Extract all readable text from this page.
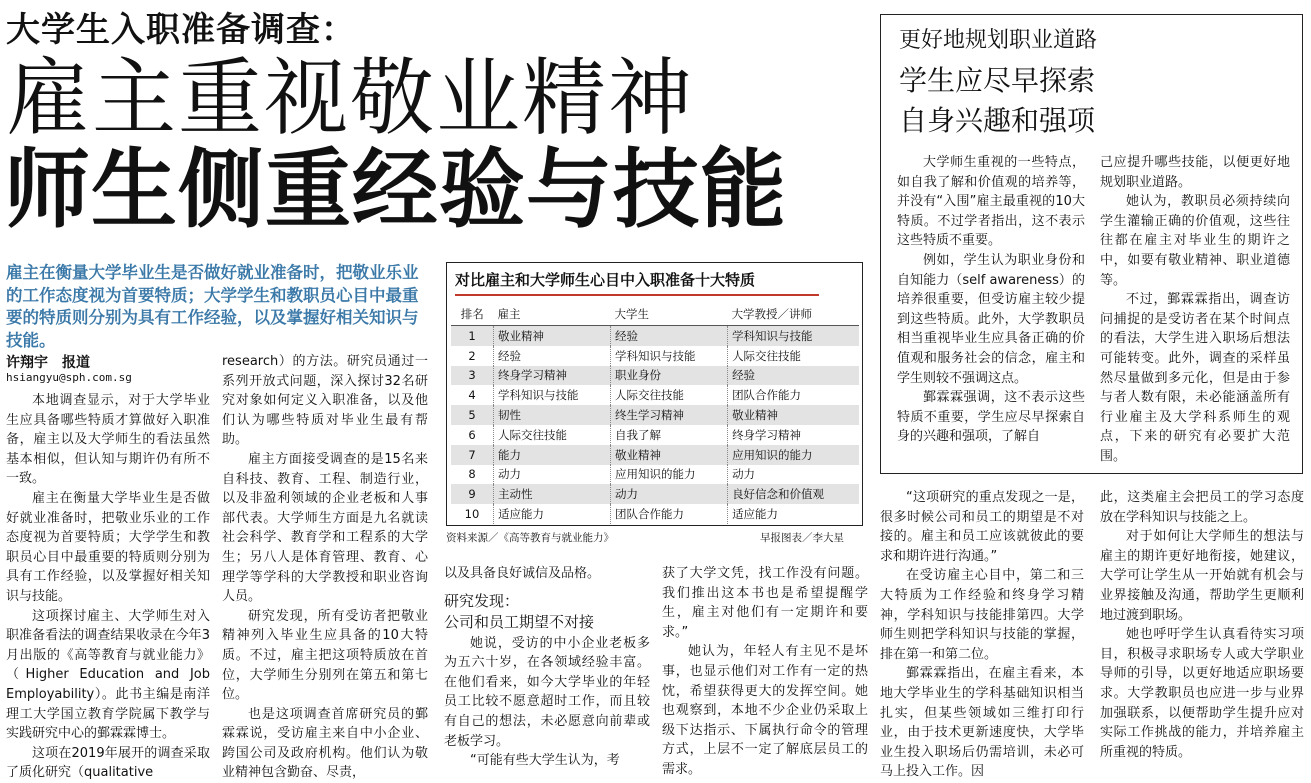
大学生入职准备调查：
雇主重视敬业精神
师生侧重经验与技能
雇主在衡量大学毕业生是否做好就业准备时，把敬业乐业的工作态度视为首要特质；大学学生和教职员心目中最重要的特质则分别为具有工作经验，以及掌握好相关知识与技能。
许翔宇　报道
hsiangyu@sph.com.sg

本地调查显示，对于大学毕业生应具备哪些特质才算做好入职准备，雇主以及大学师生的看法虽然基本相似，但认知与期许仍有所不一致。

雇主在衡量大学毕业生是否做好就业准备时，把敬业乐业的工作态度视为首要特质；大学学生和教职员心目中最重要的特质则分别为具有工作经验，以及掌握好相关知识与技能。

这项探讨雇主、大学师生对入职准备看法的调查结果收录在今年3月出版的《高等教育与就业能力》（Higher Education and Job Employability）。此书主编是南洋理工大学国立教育学院属下教学与实践研究中心的鄞霖霖博士。

这项在2019年展开的调查采取了质化研究（qualitative

research）的方法。研究员通过一系列开放式问题，深入探讨32名研究对象如何定义入职准备，以及他们认为哪些特质对毕业生最有帮助。

雇主方面接受调查的是15名来自科技、教育、工程、制造行业，以及非盈利领域的企业老板和人事部代表。大学师生方面是九名就读社会科学、教育学和工程系的大学生；另八人是体育管理、教育、心理学等学科的大学教授和职业咨询人员。

研究发现，所有受访者把敬业精神列入毕业生应具备的10大特质。不过，雇主把这项特质放在首位，大学师生分别列在第五和第七位。

也是这项调查首席研究员的鄞霖霖说，受访雇主来自中小企业、跨国公司及政府机构。他们认为敬业精神包含勤奋、尽责，

对比雇主和大学师生心目中入职准备十大特质
排名	雇主	大学生	大学教授／讲师
1	敬业精神	经验	学科知识与技能
2	经验	学科知识与技能	人际交往技能
3	终身学习精神	职业身份	经验
4	学科知识与技能	人际交往技能	团队合作能力
5	韧性	终生学习精神	敬业精神
6	人际交往技能	自我了解	终身学习精神
7	能力	敬业精神	应用知识的能力
8	动力	应用知识的能力	动力
9	主动性	动力	良好信念和价值观
10	适应能力	团队合作能力	适应能力
资料来源／《高等教育与就业能力》	早报图表／李大星

以及具备良好诚信及品格。

研究发现：
公司和员工期望不对接

她说，受访的中小企业老板多为五六十岁，在各领域经验丰富。在他们看来，如今大学毕业的年轻员工比较不愿意超时工作，而且较有自己的想法，未必愿意向前辈或老板学习。

“可能有些大学生认为，考

获了大学文凭，找工作没有问题。我们推出这本书也是希望提醒学生，雇主对他们有一定期许和要求。”

她认为，年轻人有主见不是坏事，也显示他们对工作有一定的热忱，希望获得更大的发挥空间。她也观察到，本地不少企业仍采取上级下达指示、下属执行命令的管理方式，上层不一定了解底层员工的需求。

更好地规划职业道路
学生应尽早探索
自身兴趣和强项

大学师生重视的一些特点，如自我了解和价值观的培养等，并没有“入围”雇主最重视的10大特质。不过学者指出，这不表示这些特质不重要。

例如，学生认为职业身份和自知能力（self awareness）的培养很重要，但受访雇主较少提到这些特质。此外，大学教职员相当重视毕业生应具备正确的价值观和服务社会的信念，雇主和学生则较不强调这点。

鄞霖霖强调，这不表示这些特质不重要，学生应尽早探索自身的兴趣和强项，了解自

己应提升哪些技能，以便更好地规划职业道路。

她认为，教职员必须持续向学生灌输正确的价值观，这些往往都在雇主对毕业生的期许之中，如要有敬业精神、职业道德等。

不过，鄞霖霖指出，调查访问捕捉的是受访者在某个时间点的看法，大学生进入职场后想法可能转变。此外，调查的采样虽然尽量做到多元化，但是由于参与者人数有限，未必能涵盖所有行业雇主及大学科系师生的观点，下来的研究有必要扩大范围。

“这项研究的重点发现之一是，很多时候公司和员工的期望是不对接的。雇主和员工应该就彼此的要求和期许进行沟通。”

在受访雇主心目中，第二和三大特质为工作经验和终身学习精神，学科知识与技能排第四。大学师生则把学科知识与技能的掌握，排在第一和第二位。

鄞霖霖指出，在雇主看来，本地大学毕业生的学科基础知识相当扎实，但某些领域如三维打印行业，由于技术更新速度快，大学毕业生投入职场后仍需培训，未必可马上投入工作。因

此，这类雇主会把员工的学习态度放在学科知识与技能之上。

对于如何让大学师生的想法与雇主的期许更好地衔接，她建议，大学可让学生从一开始就有机会与业界接触及沟通，帮助学生更顺利地过渡到职场。

她也呼吁学生认真看待实习项目，积极寻求职场专人或大学职业导师的引导，以更好地适应职场要求。大学教职员也应进一步与业界加强联系，以便帮助学生提升应对实际工作挑战的能力，并培养雇主所重视的特质。
